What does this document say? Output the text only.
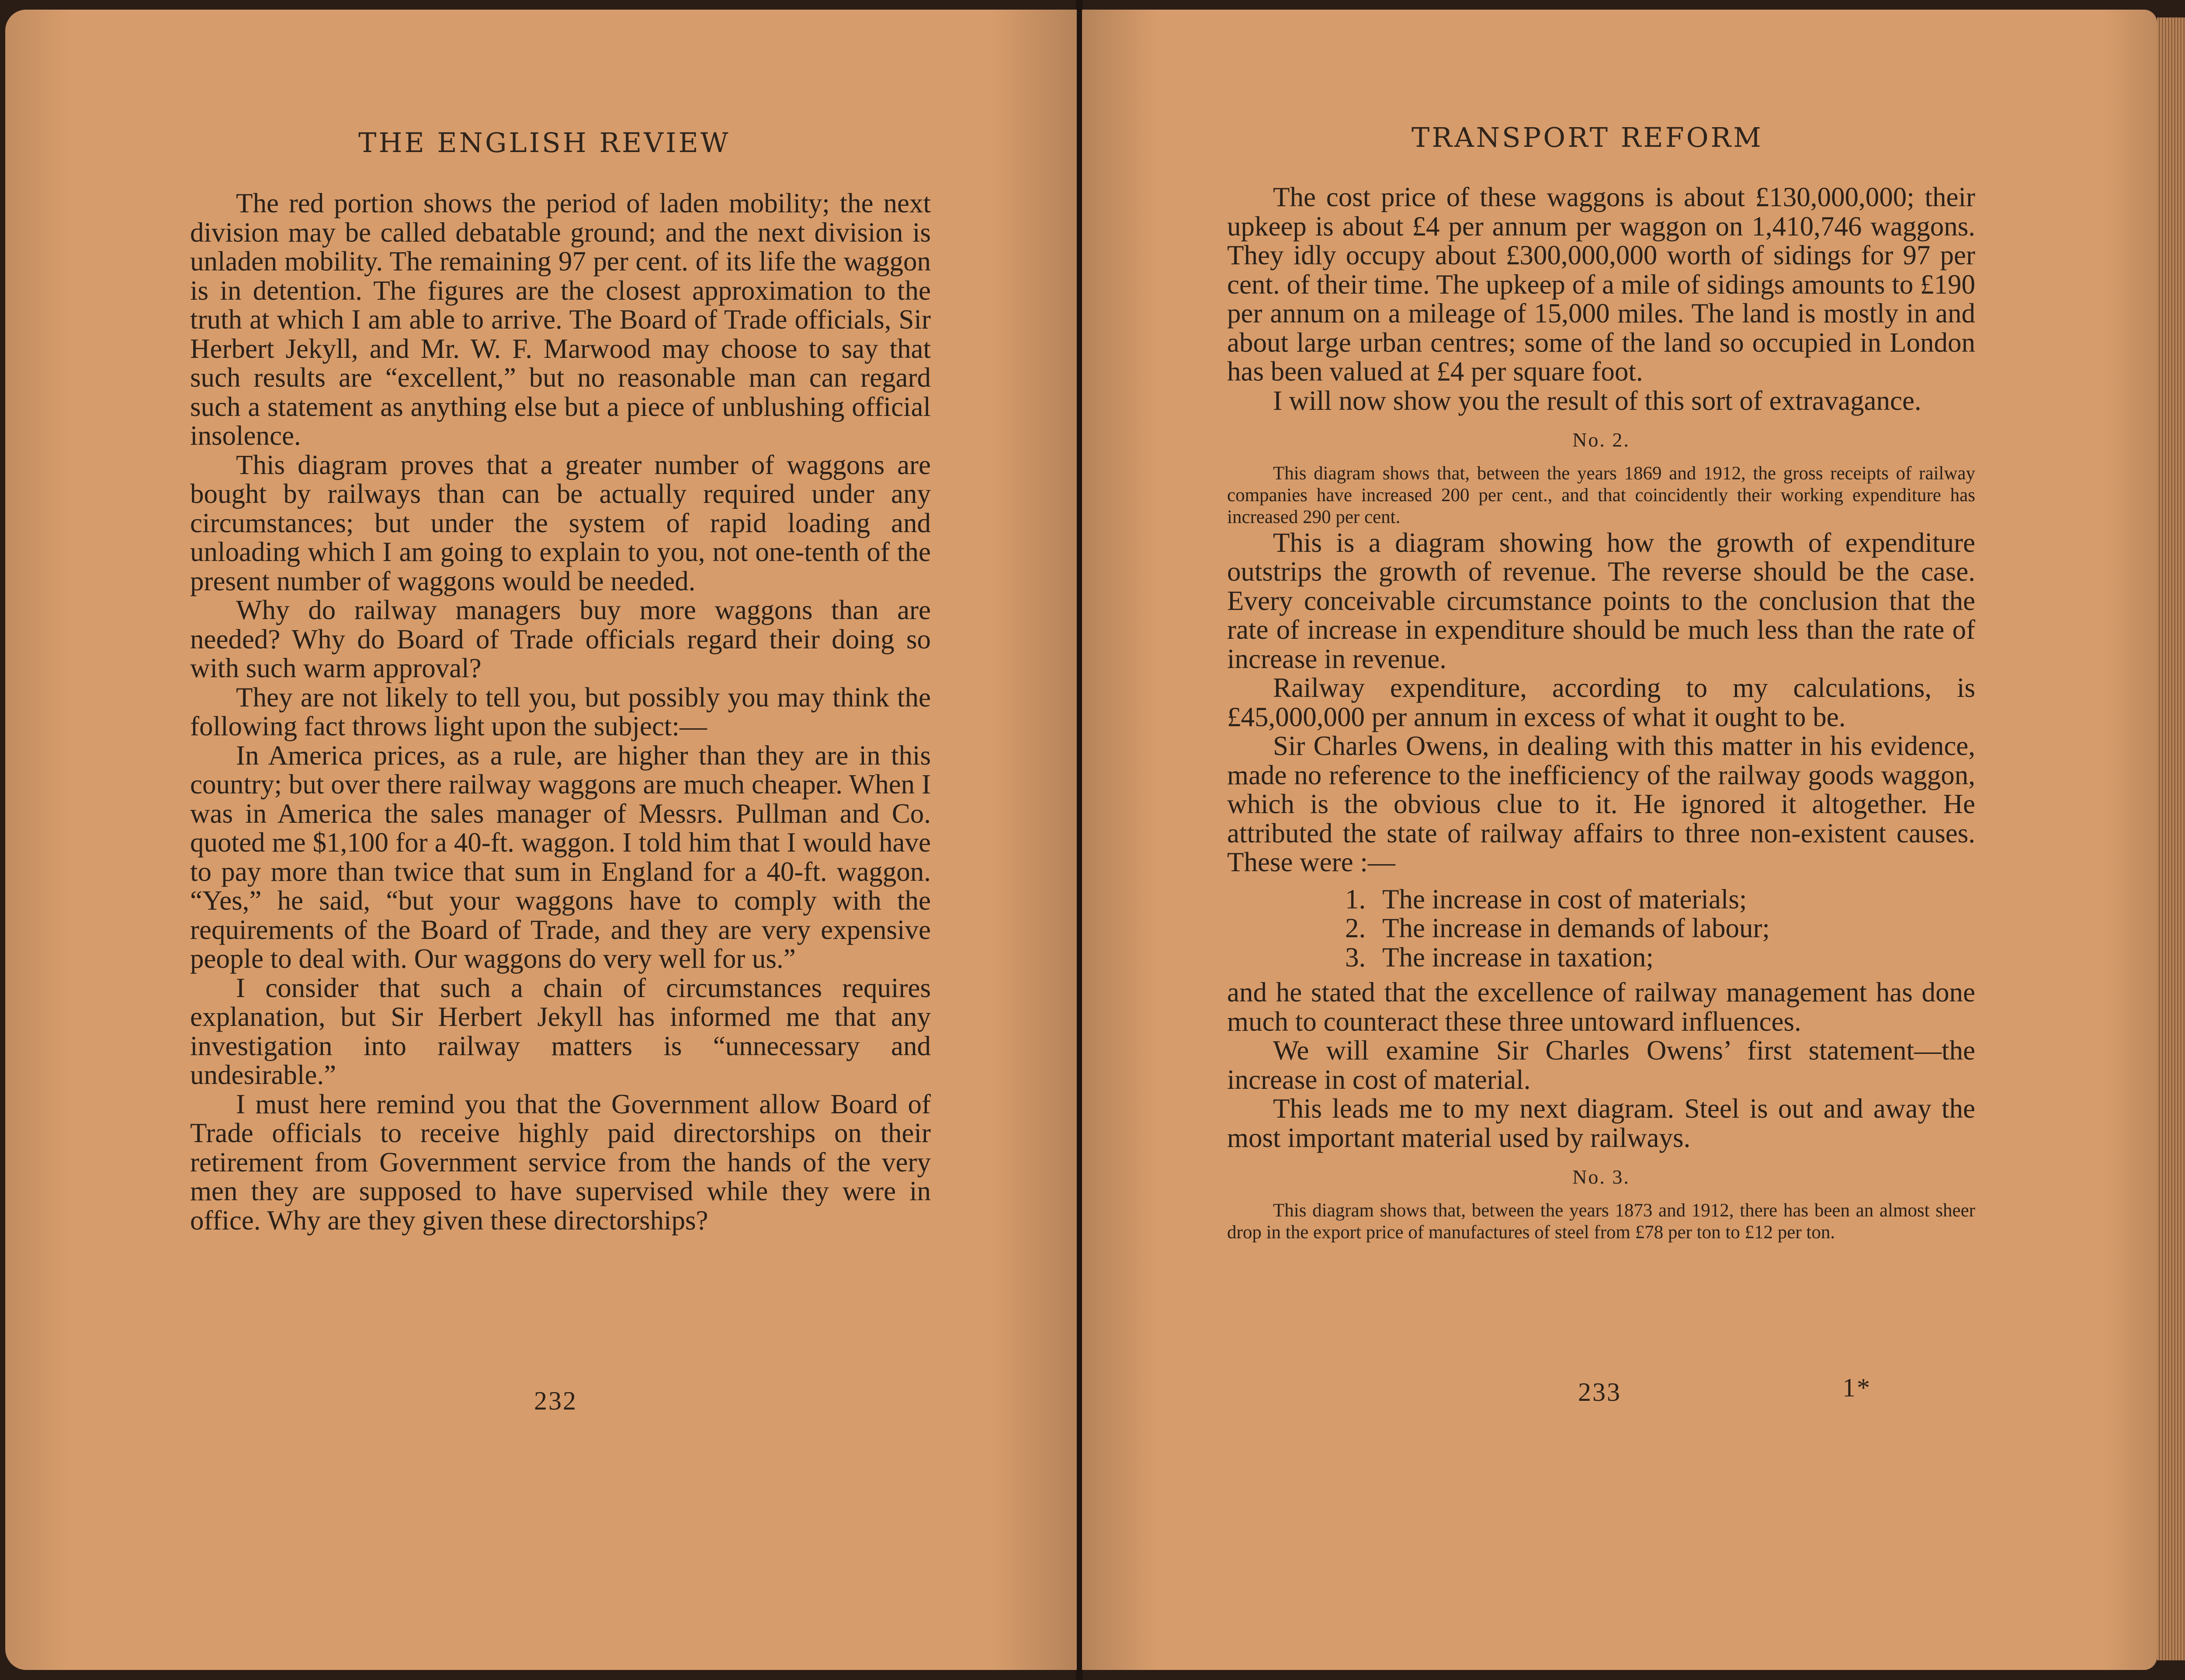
THE ENGLISH REVIEW

The red portion shows the period of laden mobility; the next division may be called debatable ground; and the next division is unladen mobility. The remaining 97 per cent. of its life the waggon is in detention. The figures are the closest approximation to the truth at which I am able to arrive. The Board of Trade officials, Sir Herbert Jekyll, and Mr. W. F. Marwood may choose to say that such results are “excellent,” but no reasonable man can regard such a statement as anything else but a piece of unblushing official insolence.

This diagram proves that a greater number of waggons are bought by railways than can be actually required under any circumstances; but under the system of rapid loading and unloading which I am going to explain to you, not one-tenth of the present number of waggons would be needed.

Why do railway managers buy more waggons than are needed? Why do Board of Trade officials regard their doing so with such warm approval?

They are not likely to tell you, but possibly you may think the following fact throws light upon the subject:—

In America prices, as a rule, are higher than they are in this country; but over there railway waggons are much cheaper. When I was in America the sales manager of Messrs. Pullman and Co. quoted me $1,100 for a 40-ft. waggon. I told him that I would have to pay more than twice that sum in England for a 40-ft. waggon. “Yes,” he said, “but your waggons have to comply with the requirements of the Board of Trade, and they are very expensive people to deal with. Our waggons do very well for us.”

I consider that such a chain of circumstances requires explanation, but Sir Herbert Jekyll has informed me that any investigation into railway matters is “unnecessary and undesirable.”

I must here remind you that the Government allow Board of Trade officials to receive highly paid directorships on their retirement from Government service from the hands of the very men they are supposed to have supervised while they were in office. Why are they given these directorships?

232
TRANSPORT REFORM

The cost price of these waggons is about £130,000,000; their upkeep is about £4 per annum per waggon on 1,410,746 waggons. They idly occupy about £300,000,000 worth of sidings for 97 per cent. of their time. The upkeep of a mile of sidings amounts to £190 per annum on a mileage of 15,000 miles. The land is mostly in and about large urban centres; some of the land so occupied in London has been valued at £4 per square foot.

I will now show you the result of this sort of extravagance.

No. 2.

This diagram shows that, between the years 1869 and 1912, the gross receipts of railway companies have increased 200 per cent., and that coincidently their working expenditure has increased 290 per cent.

This is a diagram showing how the growth of expenditure outstrips the growth of revenue. The reverse should be the case. Every conceivable circumstance points to the conclusion that the rate of increase in expenditure should be much less than the rate of increase in revenue.

Railway expenditure, according to my calculations, is £45,000,000 per annum in excess of what it ought to be.

Sir Charles Owens, in dealing with this matter in his evidence, made no reference to the inefficiency of the railway goods waggon, which is the obvious clue to it. He ignored it altogether. He attributed the state of railway affairs to three non-existent causes. These were :—

1. The increase in cost of materials;
2. The increase in demands of labour;
3. The increase in taxation;

and he stated that the excellence of railway management has done much to counteract these three untoward influences.

We will examine Sir Charles Owens’ first statement—the increase in cost of material.

This leads me to my next diagram. Steel is out and away the most important material used by railways.

No. 3.

This diagram shows that, between the years 1873 and 1912, there has been an almost sheer drop in the export price of manufactures of steel from £78 per ton to £12 per ton.

233	1*
